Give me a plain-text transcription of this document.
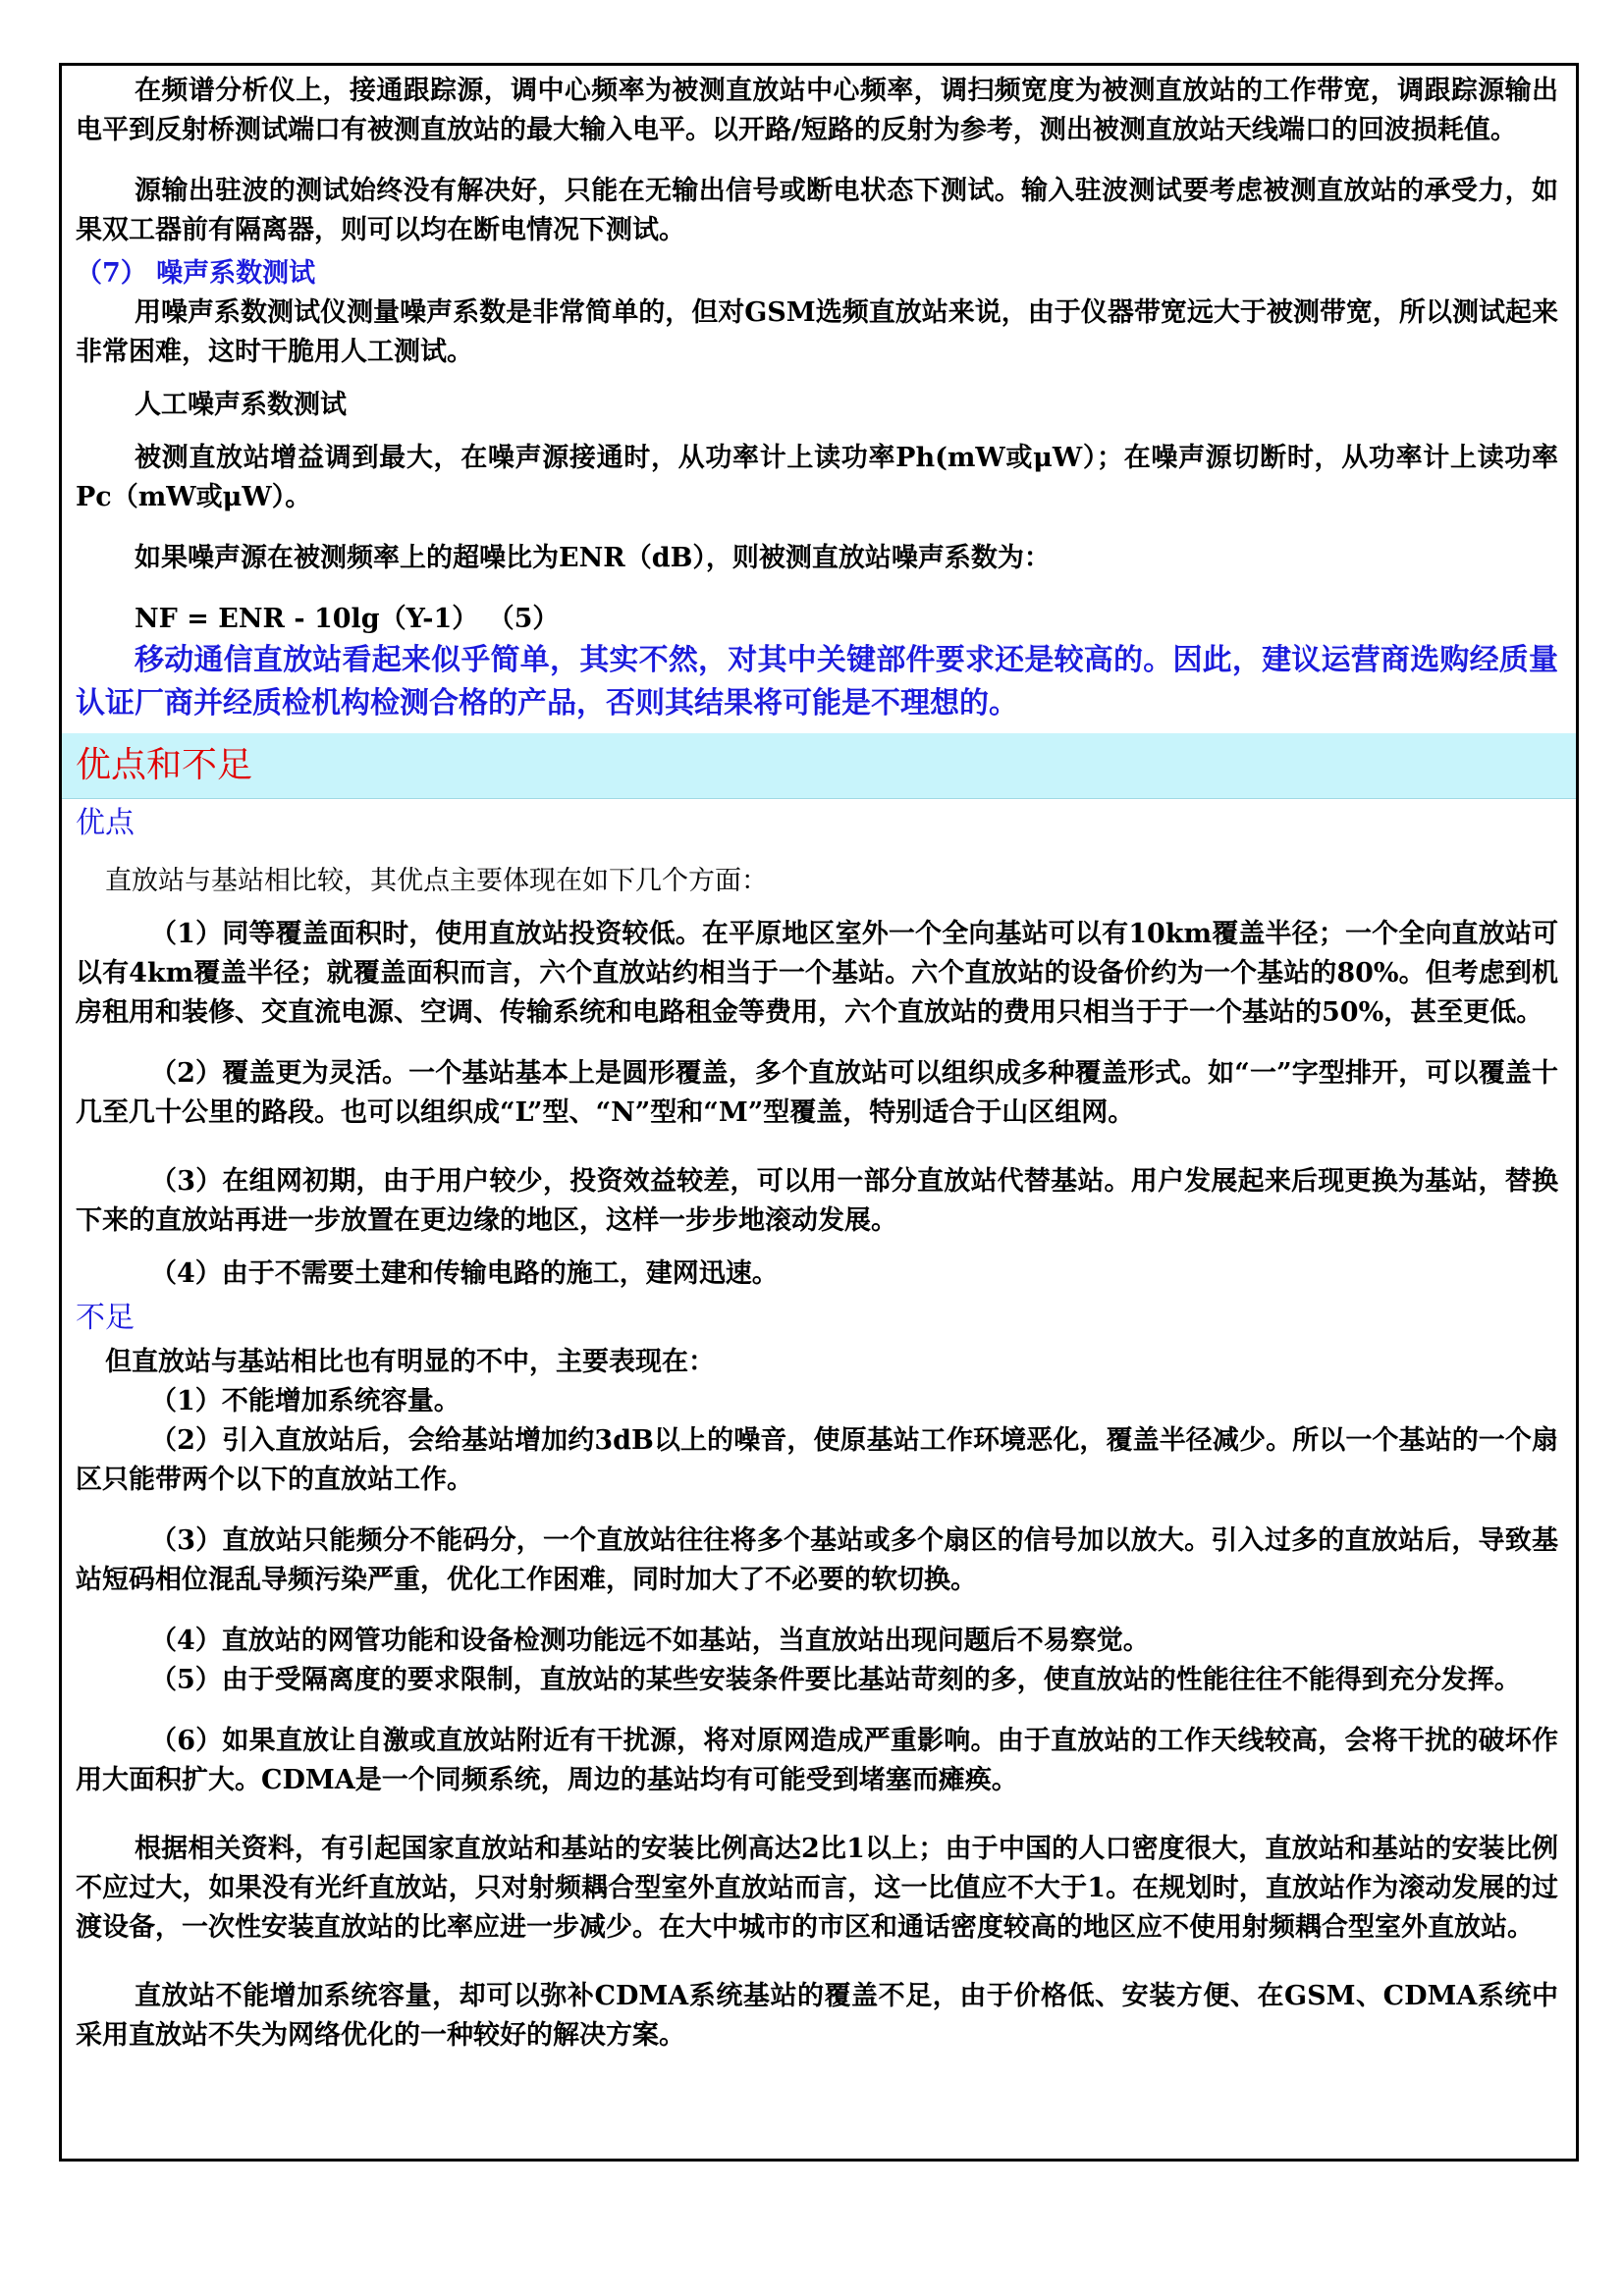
在频谱分析仪上，接通跟踪源，调中心频率为被测直放站中心频率，调扫频宽度为被测直放站的工作带宽，调跟踪源输出电平到反射桥测试端口有被测直放站的最大输入电平。以开路/短路的反射为参考，测出被测直放站天线端口的回波损耗值。

源输出驻波的测试始终没有解决好，只能在无输出信号或断电状态下测试。输入驻波测试要考虑被测直放站的承受力，如果双工器前有隔离器，则可以均在断电情况下测试。

（7） 噪声系数测试

用噪声系数测试仪测量噪声系数是非常简单的，但对GSM选频直放站来说，由于仪器带宽远大于被测带宽，所以测试起来非常困难，这时干脆用人工测试。

人工噪声系数测试

被测直放站增益调到最大，在噪声源接通时，从功率计上读功率Ph(mW或μW）；在噪声源切断时，从功率计上读功率Pc（mW或μW）。

如果噪声源在被测频率上的超噪比为ENR（dB），则被测直放站噪声系数为：

NF = ENR - 10lg（Y-1） （5）

移动通信直放站看起来似乎简单，其实不然，对其中关键部件要求还是较高的。因此，建议运营商选购经质量认证厂商并经质检机构检测合格的产品，否则其结果将可能是不理想的。

优点和不足

优点

直放站与基站相比较，其优点主要体现在如下几个方面：

（1）同等覆盖面积时，使用直放站投资较低。在平原地区室外一个全向基站可以有10km覆盖半径；一个全向直放站可以有4km覆盖半径；就覆盖面积而言，六个直放站约相当于一个基站。六个直放站的设备价约为一个基站的80%。但考虑到机房租用和装修、交直流电源、空调、传输系统和电路租金等费用，六个直放站的费用只相当于于一个基站的50%，甚至更低。

（2）覆盖更为灵活。一个基站基本上是圆形覆盖，多个直放站可以组织成多种覆盖形式。如“一”字型排开，可以覆盖十几至几十公里的路段。也可以组织成“L”型、“N”型和“M”型覆盖，特别适合于山区组网。

（3）在组网初期，由于用户较少，投资效益较差，可以用一部分直放站代替基站。用户发展起来后现更换为基站，替换下来的直放站再进一步放置在更边缘的地区，这样一步步地滚动发展。

（4）由于不需要土建和传输电路的施工，建网迅速。

不足

但直放站与基站相比也有明显的不中，主要表现在：

（1）不能增加系统容量。

（2）引入直放站后，会给基站增加约3dB以上的噪音，使原基站工作环境恶化，覆盖半径减少。所以一个基站的一个扇区只能带两个以下的直放站工作。

（3）直放站只能频分不能码分，一个直放站往往将多个基站或多个扇区的信号加以放大。引入过多的直放站后，导致基站短码相位混乱导频污染严重，优化工作困难，同时加大了不必要的软切换。

（4）直放站的网管功能和设备检测功能远不如基站，当直放站出现问题后不易察觉。

（5）由于受隔离度的要求限制，直放站的某些安装条件要比基站苛刻的多，使直放站的性能往往不能得到充分发挥。

（6）如果直放让自激或直放站附近有干扰源，将对原网造成严重影响。由于直放站的工作天线较高，会将干扰的破坏作用大面积扩大。CDMA是一个同频系统，周边的基站均有可能受到堵塞而瘫痪。

根据相关资料，有引起国家直放站和基站的安装比例高达2比1以上；由于中国的人口密度很大，直放站和基站的安装比例不应过大，如果没有光纤直放站，只对射频耦合型室外直放站而言，这一比值应不大于1。在规划时，直放站作为滚动发展的过渡设备，一次性安装直放站的比率应进一步减少。在大中城市的市区和通话密度较高的地区应不使用射频耦合型室外直放站。

直放站不能增加系统容量，却可以弥补CDMA系统基站的覆盖不足，由于价格低、安装方便、在GSM、CDMA系统中采用直放站不失为网络优化的一种较好的解决方案。
